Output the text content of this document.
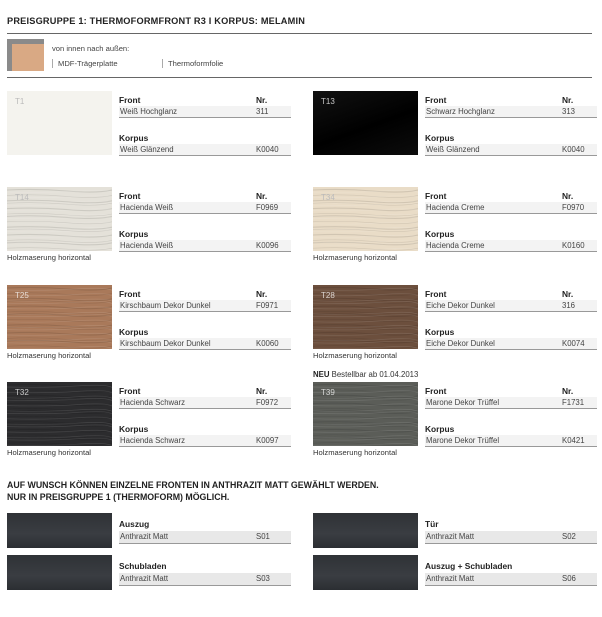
PREISGRUPPE 1: THERMOFORMFRONT R3 I KORPUS: MELAMIN
von innen nach außen:
MDF-Trägerplatte	Thermoformfolie
T1	Front	Nr.
Weiß Hochglanz	311
Korpus
Weiß Glänzend	K0040
T13	Front	Nr.
Schwarz Hochglanz	313
Korpus
Weiß Glänzend	K0040
T14
Holzmaserung horizontal
Front	Nr.
Hacienda Weiß	F0969
Korpus
Hacienda Weiß	K0096
T34
Holzmaserung horizontal
Front	Nr.
Hacienda Creme	F0970
Korpus
Hacienda Creme	K0160
T25
Holzmaserung horizontal
Front	Nr.
Kirschbaum Dekor Dunkel	F0971
Korpus
Kirschbaum Dekor Dunkel	K0060
T28
Holzmaserung horizontal
Front	Nr.
Eiche Dekor Dunkel	316
Korpus
Eiche Dekor Dunkel	K0074
T32
Holzmaserung horizontal
Front	Nr.
Hacienda Schwarz	F0972
Korpus
Hacienda Schwarz	K0097
T39
Holzmaserung horizontal
Front	Nr.
Marone Dekor Trüffel	F1731
Korpus
Marone Dekor Trüffel	K0421
NEU Bestellbar ab 01.04.2013
AUF WUNSCH KÖNNEN EINZELNE FRONTEN IN ANTHRAZIT MATT GEWÄHLT WERDEN.
NUR IN PREISGRUPPE 1 (THERMOFORM) MÖGLICH.
Auszug
Anthrazit Matt	S01
Tür
Anthrazit Matt	S02
Schubladen
Anthrazit Matt	S03
Auszug + Schubladen
Anthrazit Matt	S06
